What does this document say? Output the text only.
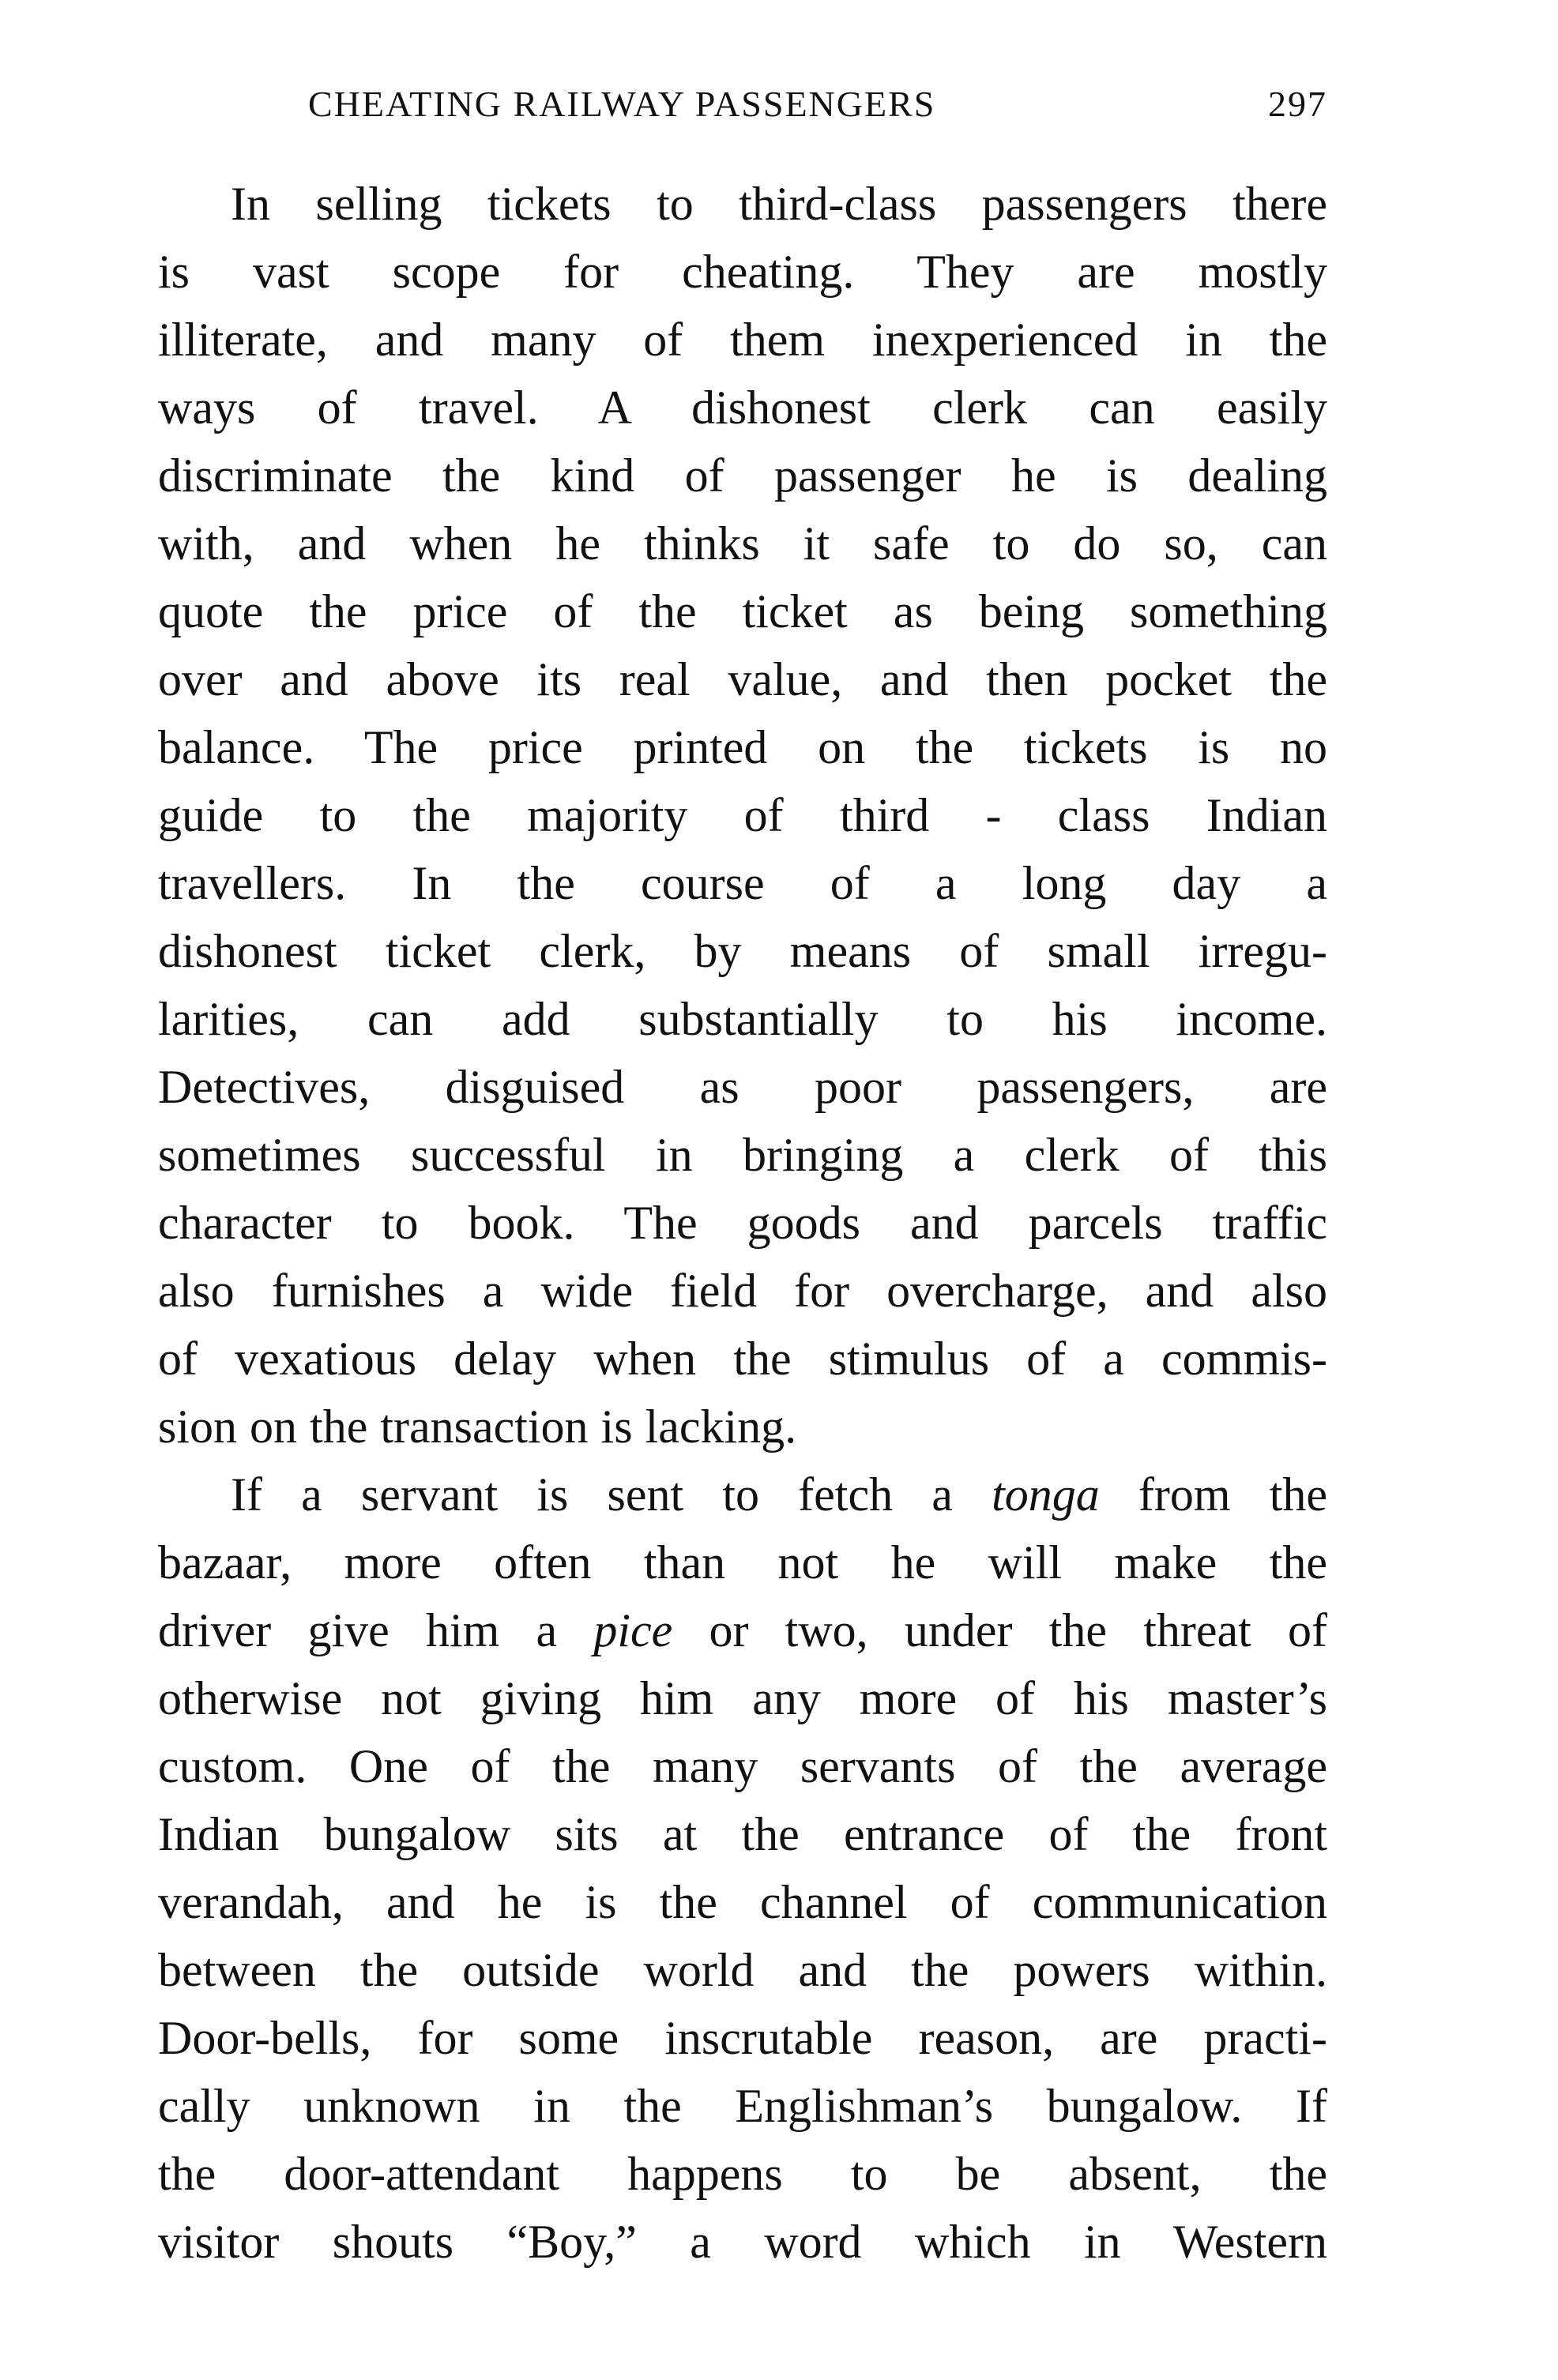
CHEATING RAILWAY PASSENGERS	297
In selling tickets to third-class passengers there
is vast scope for cheating. They are mostly
illiterate, and many of them inexperienced in the
ways of travel. A dishonest clerk can easily
discriminate the kind of passenger he is dealing
with, and when he thinks it safe to do so, can
quote the price of the ticket as being something
over and above its real value, and then pocket the
balance. The price printed on the tickets is no
guide to the majority of third - class Indian
travellers. In the course of a long day a
dishonest ticket clerk, by means of small irregu-
larities, can add substantially to his income.
Detectives, disguised as poor passengers, are
sometimes successful in bringing a clerk of this
character to book. The goods and parcels traffic
also furnishes a wide field for overcharge, and also
of vexatious delay when the stimulus of a commis-
sion on the transaction is lacking.
If a servant is sent to fetch a tonga from the
bazaar, more often than not he will make the
driver give him a pice or two, under the threat of
otherwise not giving him any more of his master’s
custom. One of the many servants of the average
Indian bungalow sits at the entrance of the front
verandah, and he is the channel of communication
between the outside world and the powers within.
Door-bells, for some inscrutable reason, are practi-
cally unknown in the Englishman’s bungalow. If
the door-attendant happens to be absent, the
visitor shouts “Boy,” a word which in Western
